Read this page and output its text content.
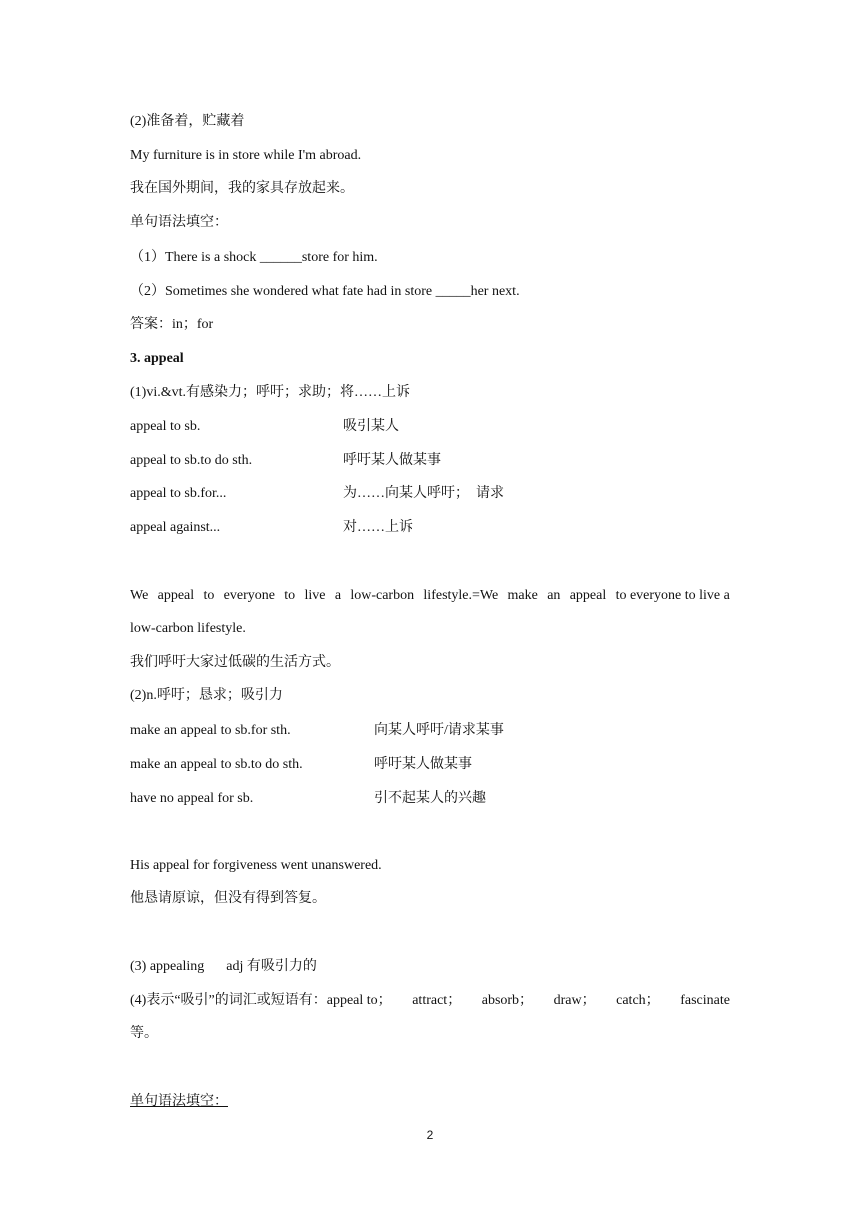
(2)准备着，贮藏着
My furniture is in store while I'm abroad.
我在国外期间，我的家具存放起来。
单句语法填空：
（1）There is a shock ______store for him.
（2）Sometimes she wondered what fate had in store _____her next.
答案：in；for
3. appeal
(1)vi.&vt.有感染力；呼吁；求助；将……上诉
appeal to sb.	吸引某人
appeal to sb.to do sth.	呼吁某人做某事
appeal to sb.for...	为……向某人呼吁；　请求
appeal against...	对……上诉
We appeal to everyone to live a low-carbon lifestyle.=We make an appeal to everyone to live a
low-carbon lifestyle.
我们呼吁大家过低碳的生活方式。
(2)n.呼吁；恳求；吸引力
make an appeal to sb.for sth.	向某人呼吁/请求某事
make an appeal to sb.to do sth.	呼吁某人做某事
have no appeal for sb.	引不起某人的兴趣
His appeal for forgiveness went unanswered.
他恳请原谅，但没有得到答复。
(3) appealing adj 有吸引力的
(4)表示“吸引”的词汇或短语有：appeal to； attract； absorb； draw； catch； fascinate
等。
单句语法填空：
2
